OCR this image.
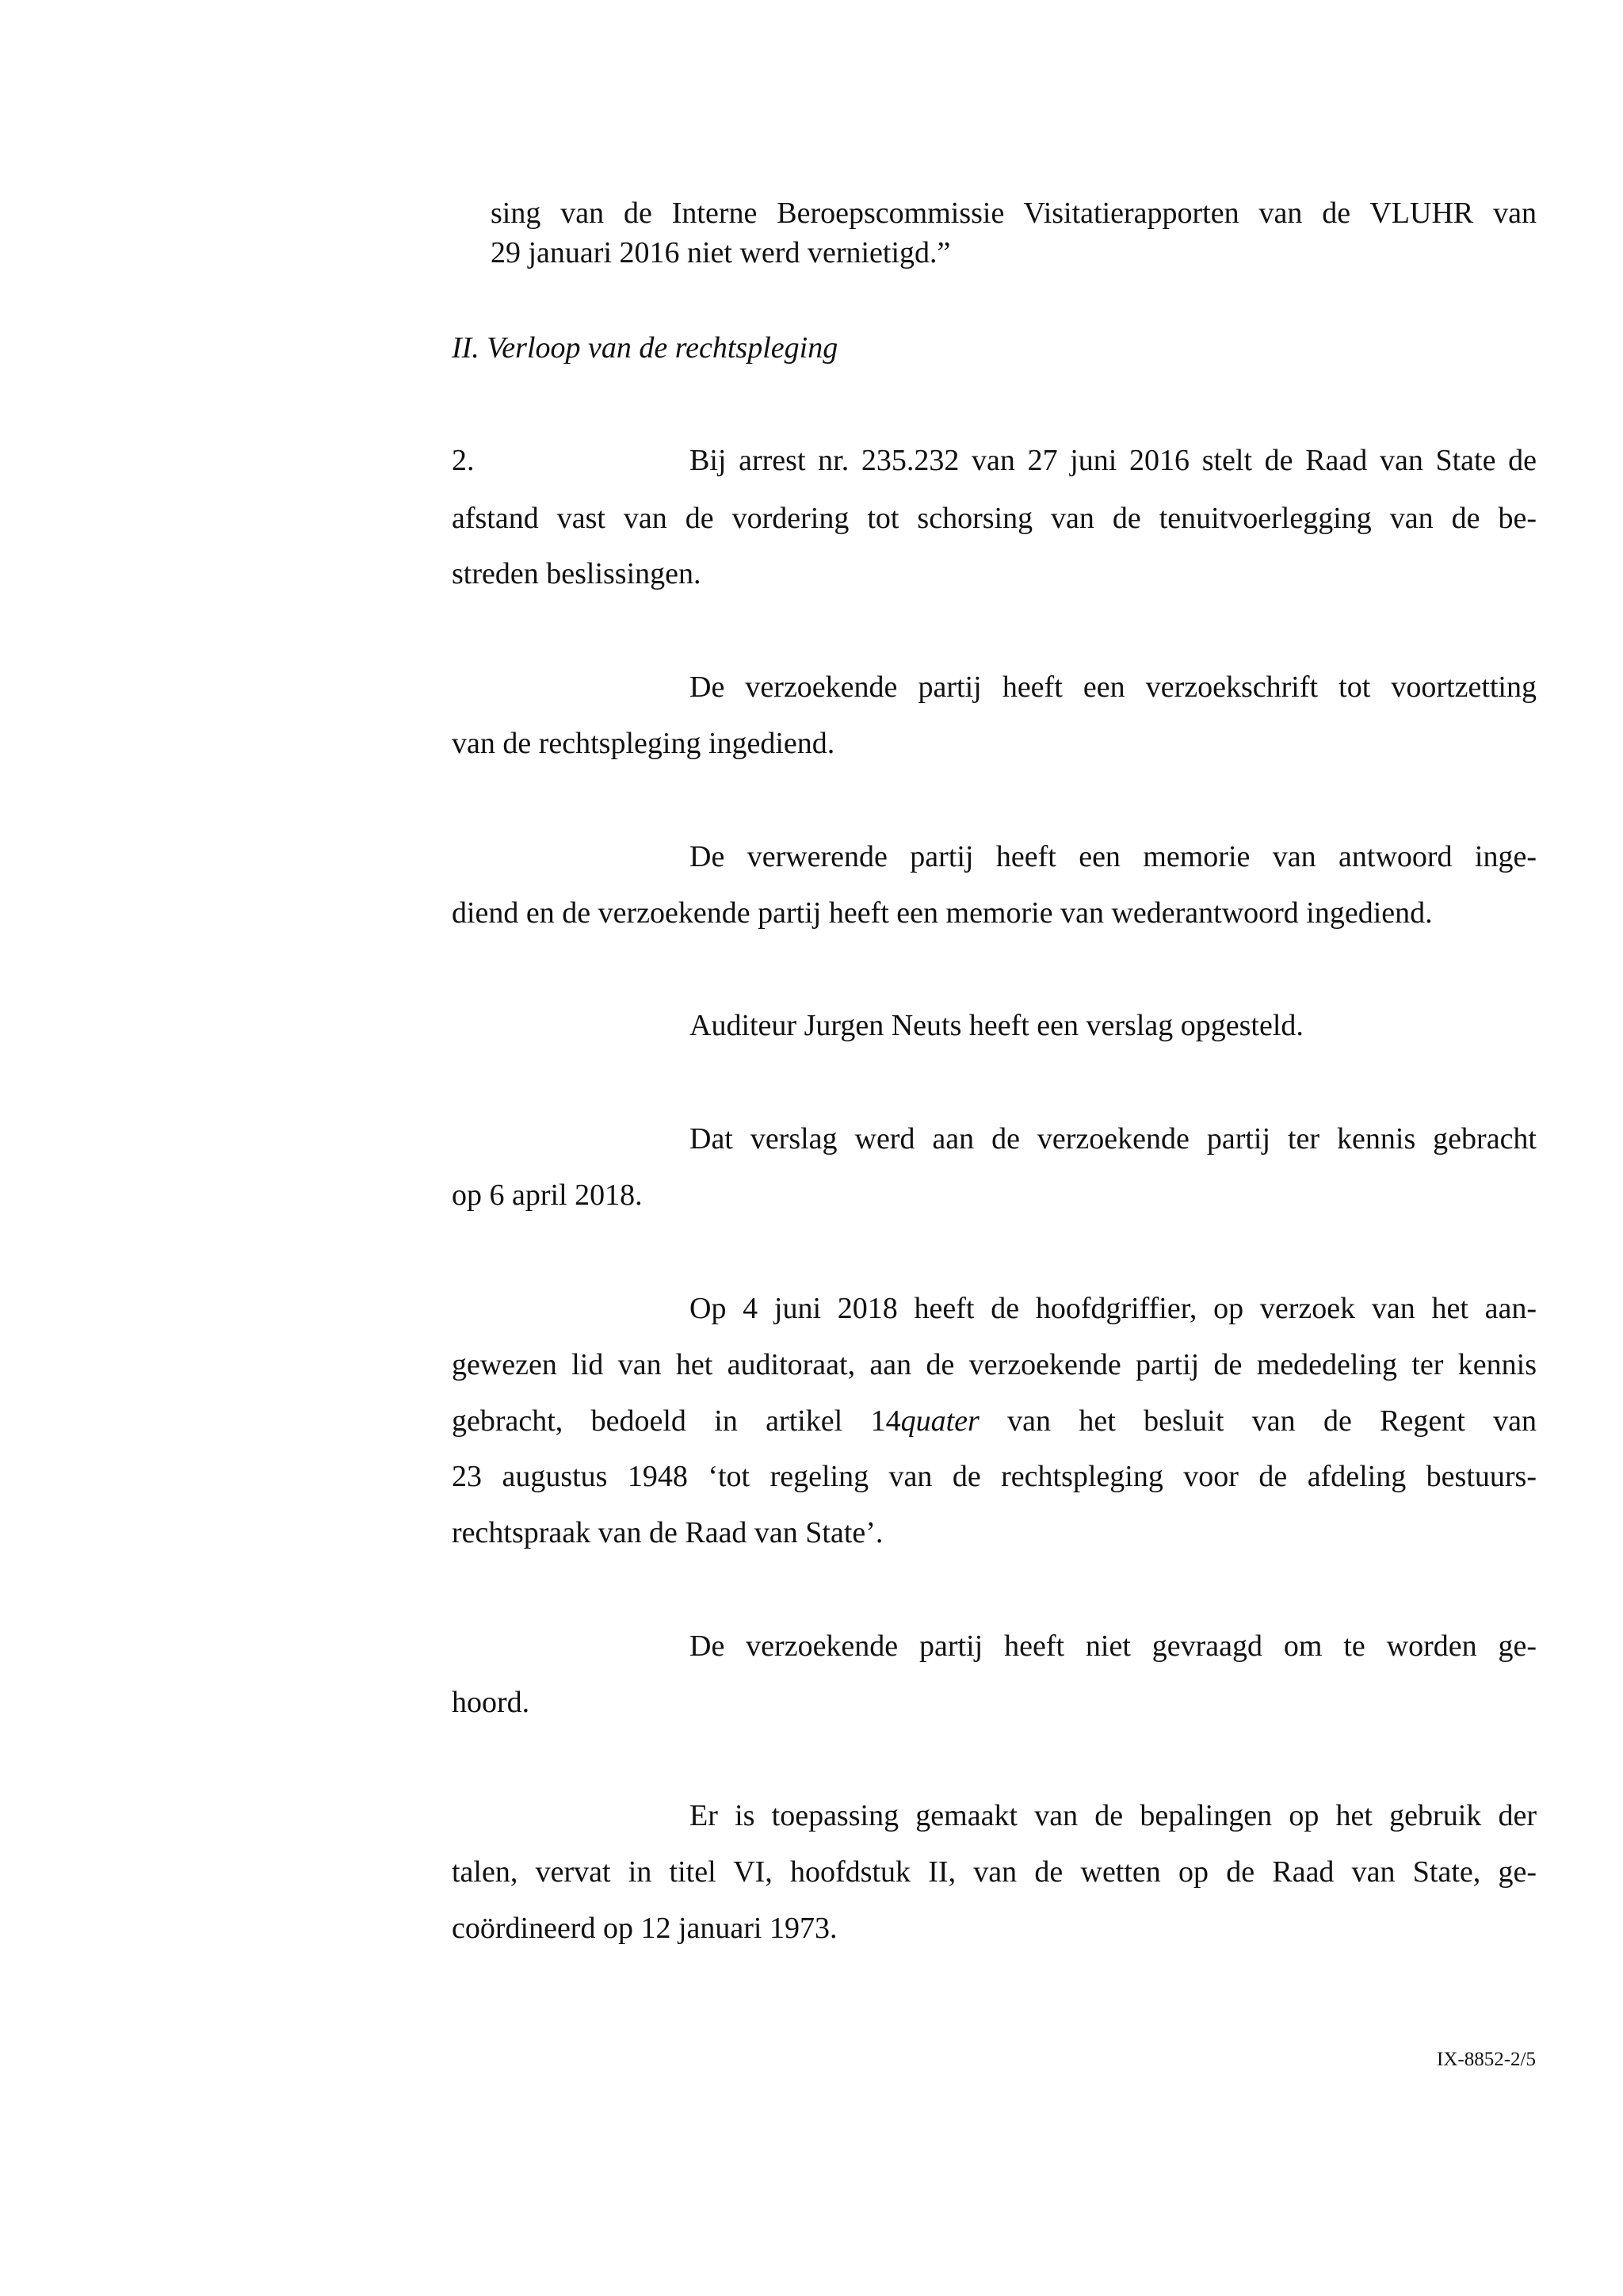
sing van de Interne Beroepscommissie Visitatierapporten van de VLUHR van

29 januari 2016 niet werd vernietigd.”

II. Verloop van de rechtspleging

2.	Bij arrest nr. 235.232 van 27 juni 2016 stelt de Raad van State de

afstand vast van de vordering tot schorsing van de tenuitvoerlegging van de be-

streden beslissingen.

De verzoekende partij heeft een verzoekschrift tot voortzetting

van de rechtspleging ingediend.

De verwerende partij heeft een memorie van antwoord inge-

diend en de verzoekende partij heeft een memorie van wederantwoord ingediend.

Auditeur Jurgen Neuts heeft een verslag opgesteld.

Dat verslag werd aan de verzoekende partij ter kennis gebracht

op 6 april 2018.

Op 4 juni 2018 heeft de hoofdgriffier, op verzoek van het aan-

gewezen lid van het auditoraat, aan de verzoekende partij de mededeling ter kennis

gebracht, bedoeld in artikel 14quater van het besluit van de Regent van

23 augustus 1948 ‘tot regeling van de rechtspleging voor de afdeling bestuurs-

rechtspraak van de Raad van State’.

De verzoekende partij heeft niet gevraagd om te worden ge-

hoord.

Er is toepassing gemaakt van de bepalingen op het gebruik der

talen, vervat in titel VI, hoofdstuk II, van de wetten op de Raad van State, ge-

coördineerd op 12 januari 1973.

IX-8852-2/5
